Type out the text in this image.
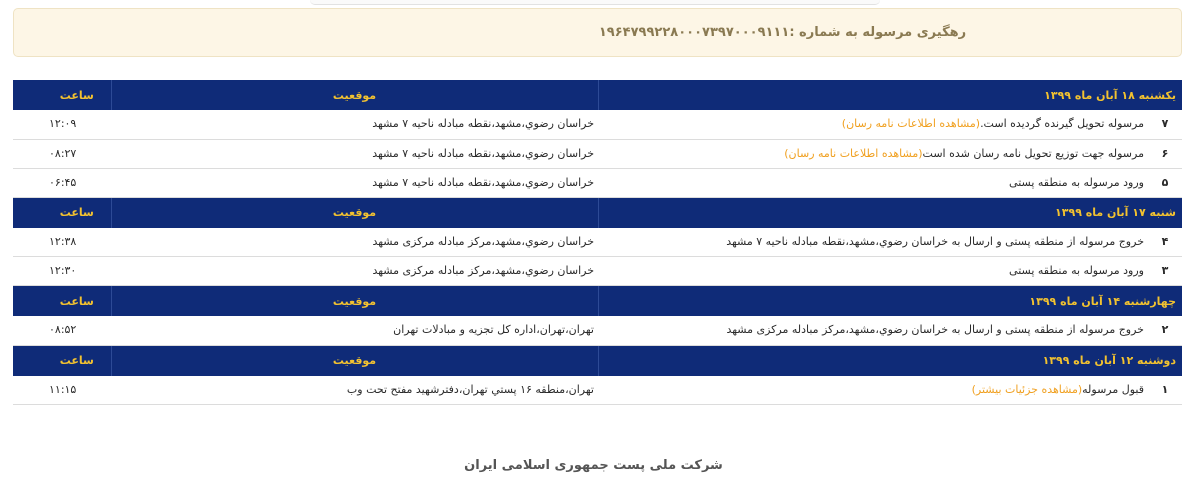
رهگیری مرسوله به شماره :۱۹۶۴۷۹۹۲۲۸۰۰۰۷۳۹۷۰۰۰۹۱۱۱
یکشنبه ۱۸ آبان ماه ۱۳۹۹		موقعیت	ساعت
۷	مرسوله تحویل گیرنده گردیده است.(مشاهده اطلاعات نامه رسان)	خراسان رضوي،مشهد،نقطه مبادله ناحیه ۷ مشهد	۱۲:۰۹
۶	مرسوله جهت توزیع تحویل نامه رسان شده است(مشاهده اطلاعات نامه رسان)	خراسان رضوي،مشهد،نقطه مبادله ناحیه ۷ مشهد	۰۸:۲۷
۵	ورود مرسوله به منطقه پستی	خراسان رضوي،مشهد،نقطه مبادله ناحیه ۷ مشهد	۰۶:۴۵
شنبه ۱۷ آبان ماه ۱۳۹۹		موقعیت	ساعت
۴	خروج مرسوله از منطقه پستی و ارسال به خراسان رضوي،مشهد،نقطه مبادله ناحیه ۷ مشهد	خراسان رضوي،مشهد،مرکز مبادله مرکزی مشهد	۱۲:۳۸
۳	ورود مرسوله به منطقه پستی	خراسان رضوي،مشهد،مرکز مبادله مرکزی مشهد	۱۲:۳۰
چهارشنبه ۱۴ آبان ماه ۱۳۹۹		موقعیت	ساعت
۲	خروج مرسوله از منطقه پستی و ارسال به خراسان رضوي،مشهد،مرکز مبادله مرکزی مشهد	تهران،تهران،اداره کل تجزیه و مبادلات تهران	۰۸:۵۲
دوشنبه ۱۲ آبان ماه ۱۳۹۹		موقعیت	ساعت
۱	قبول مرسوله(مشاهده جزئیات بیشتر)	تهران،منطقه ۱۶ پستي تهران،دفترشهید مفتح تحت وب	۱۱:۱۵
شرکت ملی پست جمهوری اسلامی ایران
